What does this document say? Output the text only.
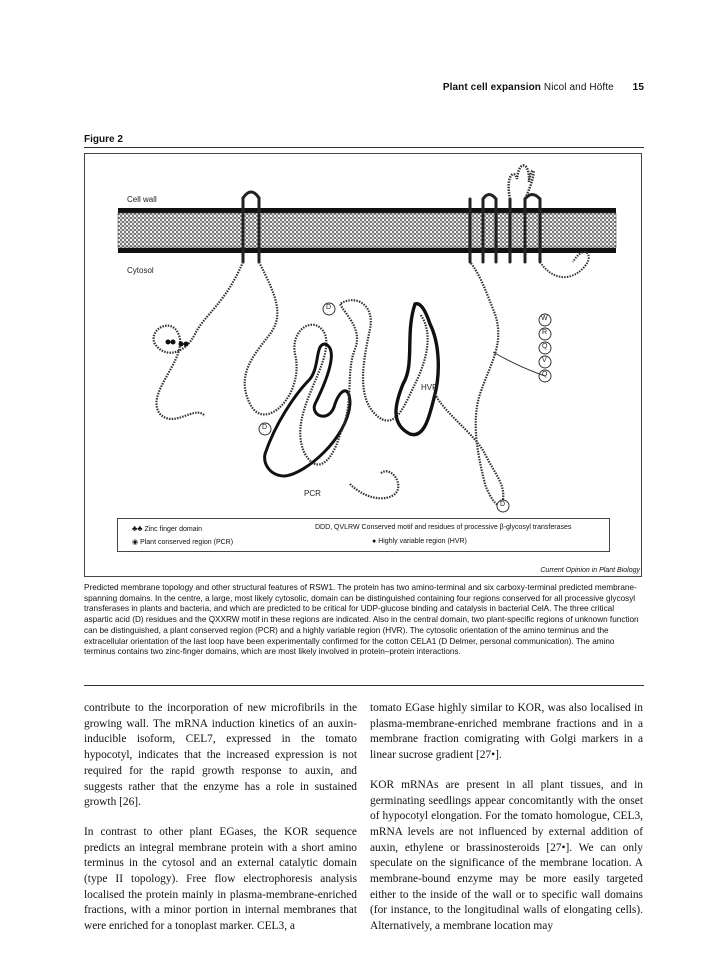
Plant cell expansion Nicol and Höfte 15
Figure 2
Cell wall
Cytosol
HVR
PCR
D
D
D
W
R
Q
V
Q
♣♣ Zinc finger domain
◉ Plant conserved region (PCR)
DDD, QVLRW Conserved motif and residues of processive β-glycosyl transferases
● Highly variable region (HVR)
Current Opinion in Plant Biology
Predicted membrane topology and other structural features of RSW1. The protein has two amino-terminal and six carboxy-terminal predicted membrane-spanning domains. In the centre, a large, most likely cytosolic, domain can be distinguished containing four regions conserved for all processive glycosyl transferases in plants and bacteria, and which are predicted to be critical for UDP-glucose binding and catalysis in bacterial CelA. The three critical aspartic acid (D) residues and the QXXRW motif in these regions are indicated. Also in the central domain, two plant-specific regions of unknown function can be distinguished, a plant conserved region (PCR) and a highly variable region (HVR). The cytosolic orientation of the amino terminus and the extracellular orientation of the last loop have been experimentally confirmed for the cotton CELA1 (D Delmer, personal communication). The amino terminus contains two zinc-finger domains, which are most likely involved in protein–protein interactions.

contribute to the incorporation of new microfibrils in the growing wall. The mRNA induction kinetics of an auxin-inducible isoform, CEL7, expressed in the tomato hypocotyl, indicates that the increased expression is not required for the rapid growth response to auxin, and suggests rather that the enzyme has a role in sustained growth [26].

In contrast to other plant EGases, the KOR sequence predicts an integral membrane protein with a short amino terminus in the cytosol and an external catalytic domain (type II topology). Free flow electrophoresis analysis localised the protein mainly in plasma-membrane-enriched fractions, with a minor portion in internal membranes that were enriched for a tonoplast marker. CEL3, a

tomato EGase highly similar to KOR, was also localised in plasma-membrane-enriched membrane fractions and in a membrane fraction comigrating with Golgi markers in a linear sucrose gradient [27•].

KOR mRNAs are present in all plant tissues, and in germinating seedlings appear concomitantly with the onset of hypocotyl elongation. For the tomato homologue, CEL3, mRNA levels are not influenced by external addition of auxin, ethylene or brassinosteroids [27•]. We can only speculate on the significance of the membrane location. A membrane-bound enzyme may be more easily targeted either to the inside of the wall or to specific wall domains (for instance, to the longitudinal walls of elongating cells). Alternatively, a membrane location may
